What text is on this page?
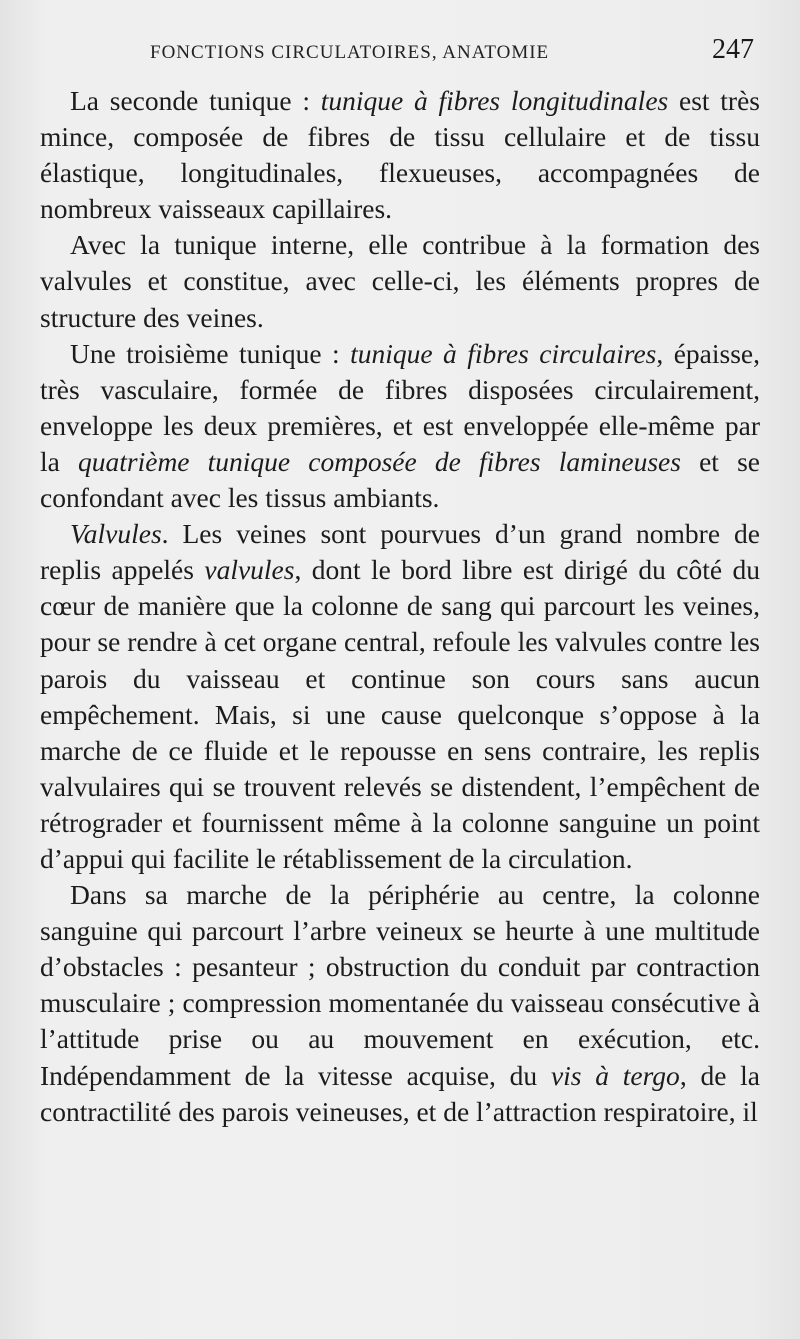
FONCTIONS CIRCULATOIRES, ANATOMIE	247

La seconde tunique : tunique à fibres longitudinales est très mince, composée de fibres de tissu cellulaire et de tissu élastique, longitudinales, flexueuses, accompagnées de nombreux vaisseaux capillaires.

Avec la tunique interne, elle contribue à la formation des valvules et constitue, avec celle-ci, les éléments propres de structure des veines.

Une troisième tunique : tunique à fibres circulaires, épaisse, très vasculaire, formée de fibres disposées circulairement, enveloppe les deux premières, et est enveloppée elle-même par la quatrième tunique composée de fibres lamineuses et se confondant avec les tissus ambiants.

Valvules. Les veines sont pourvues d’un grand nombre de replis appelés valvules, dont le bord libre est dirigé du côté du cœur de manière que la colonne de sang qui parcourt les veines, pour se rendre à cet organe central, refoule les valvules contre les parois du vaisseau et continue son cours sans aucun empêchement. Mais, si une cause quelconque s’oppose à la marche de ce fluide et le repousse en sens contraire, les replis valvulaires qui se trouvent relevés se distendent, l’empêchent de rétrograder et fournissent même à la colonne sanguine un point d’appui qui facilite le rétablissement de la circulation.

Dans sa marche de la périphérie au centre, la colonne sanguine qui parcourt l’arbre veineux se heurte à une multitude d’obstacles : pesanteur ; obstruction du conduit par contraction musculaire ; compression momentanée du vaisseau consécutive à l’attitude prise ou au mouvement en exécution, etc. Indépendamment de la vitesse acquise, du vis à tergo, de la contractilité des parois veineuses, et de l’attraction respiratoire, il
